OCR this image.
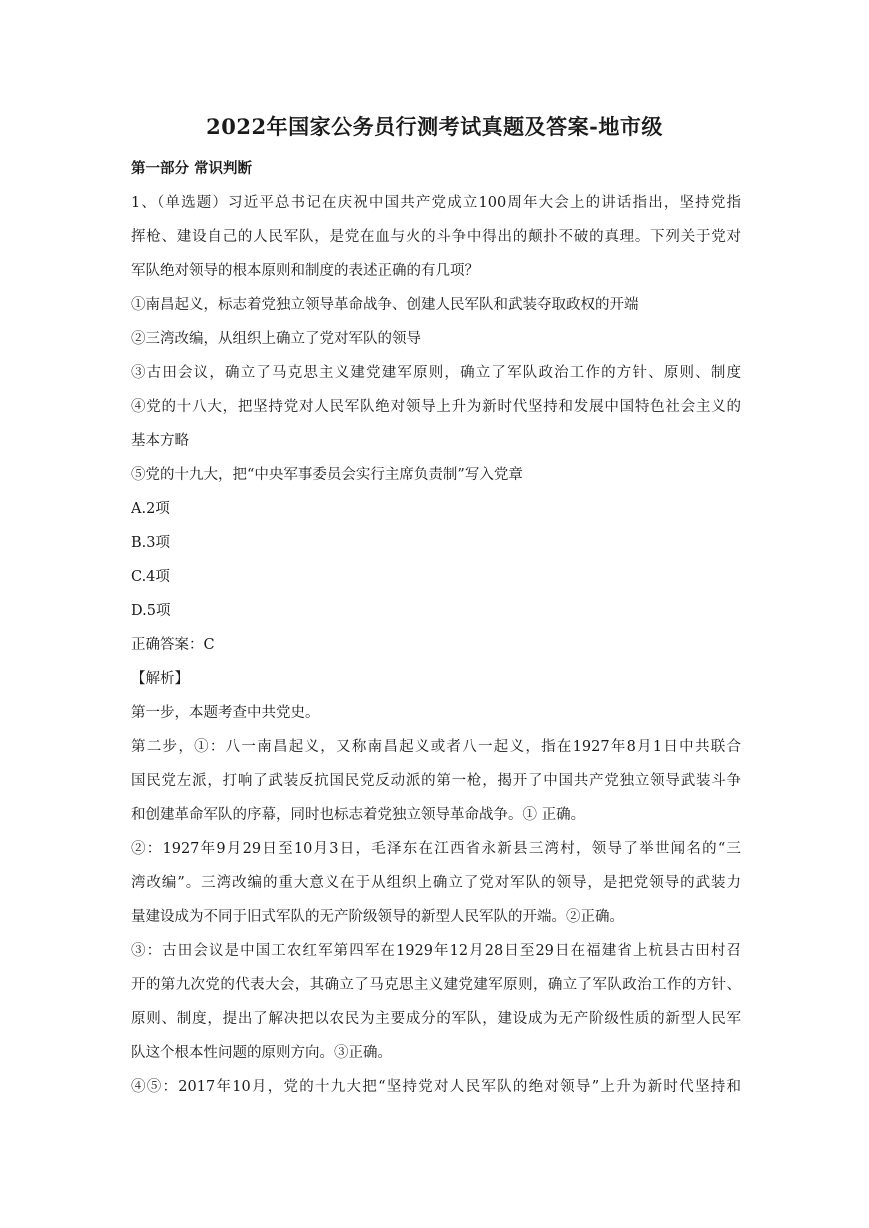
2022年国家公务员行测考试真题及答案-地市级
第一部分 常识判断
1、（单选题）习近平总书记在庆祝中国共产党成立100周年大会上的讲话指出，坚持党指
挥枪、建设自己的人民军队，是党在血与火的斗争中得出的颠扑不破的真理。下列关于党对
军队绝对领导的根本原则和制度的表述正确的有几项？
①南昌起义，标志着党独立领导革命战争、创建人民军队和武装夺取政权的开端
②三湾改编，从组织上确立了党对军队的领导
③古田会议，确立了马克思主义建党建军原则，确立了军队政治工作的方针、原则、制度
④党的十八大，把坚持党对人民军队绝对领导上升为新时代坚持和发展中国特色社会主义的
基本方略
⑤党的十九大，把“中央军事委员会实行主席负责制”写入党章
A.2项
B.3项
C.4项
D.5项
正确答案：C
【解析】
第一步，本题考查中共党史。
第二步，①：八一南昌起义，又称南昌起义或者八一起义，指在1927年8月1日中共联合
国民党左派，打响了武装反抗国民党反动派的第一枪，揭开了中国共产党独立领导武装斗争
和创建革命军队的序幕，同时也标志着党独立领导革命战争。① 正确。
②：1927年9月29日至10月3日，毛泽东在江西省永新县三湾村，领导了举世闻名的“三
湾改编”。三湾改编的重大意义在于从组织上确立了党对军队的领导，是把党领导的武装力
量建设成为不同于旧式军队的无产阶级领导的新型人民军队的开端。②正确。
③：古田会议是中国工农红军第四军在1929年12月28日至29日在福建省上杭县古田村召
开的第九次党的代表大会，其确立了马克思主义建党建军原则，确立了军队政治工作的方针、
原则、制度，提出了解决把以农民为主要成分的军队，建设成为无产阶级性质的新型人民军
队这个根本性问题的原则方向。③正确。
④⑤：2017年10月，党的十九大把“坚持党对人民军队的绝对领导”上升为新时代坚持和
